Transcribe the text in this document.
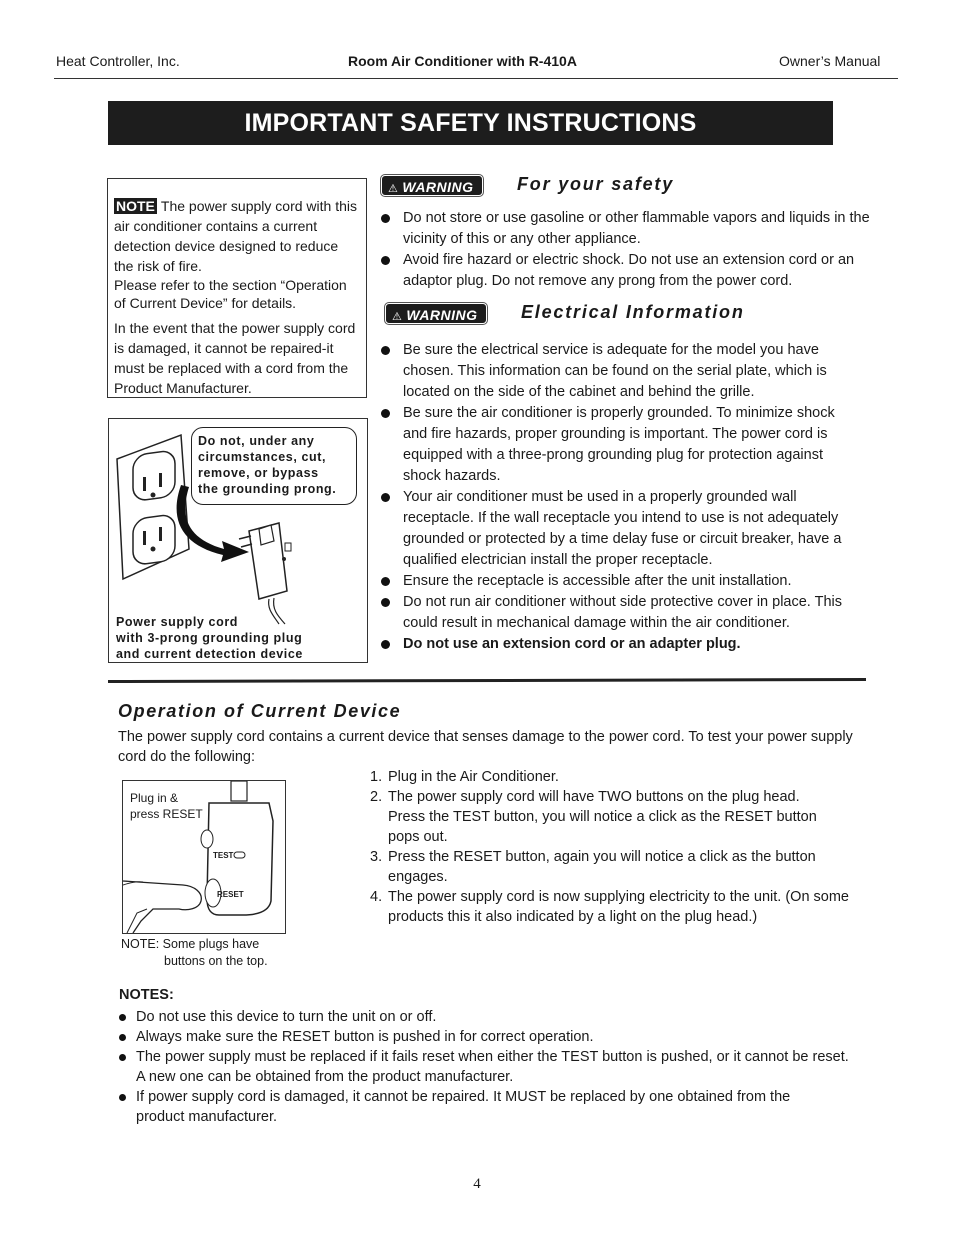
Heat Controller, Inc.	Room Air Conditioner with R-410A	Owner’s Manual
IMPORTANT SAFETY INSTRUCTIONS

NOTE The power supply cord with this air conditioner contains a current detection device designed to reduce the risk of fire.

Please refer to the section “Operation of Current Device” for details.

In the event that the power supply cord is damaged, it cannot be repaired-it must be replaced with a cord from the Product Manufacturer.

Do not, under any
circumstances, cut,
remove, or bypass
the grounding prong.
Power supply cord
with 3-prong grounding plug
and current detection device
⚠ WARNING	For your safety
Do not store or use gasoline or other flammable vapors and liquids in the vicinity of this or any other appliance.
Avoid fire hazard or electric shock. Do not use an extension cord or an adaptor plug. Do not remove any prong from the power cord.
⚠ WARNING	Electrical Information
Be sure the electrical service is adequate for the model you have chosen. This information can be found on the serial plate, which is located on the side of the cabinet and behind the grille.
Be sure the air conditioner is properly grounded. To minimize shock and fire hazards, proper grounding is important. The power cord is equipped with a three-prong grounding plug for protection against shock hazards.
Your air conditioner must be used in a properly grounded wall receptacle. If the wall receptacle you intend to use is not adequately grounded or protected by a time delay fuse or circuit breaker, have a qualified electrician install the proper receptacle.
Ensure the receptacle is accessible after the unit installation.
Do not run air conditioner without side protective cover in place. This could result in mechanical damage within the air conditioner.
Do not use an extension cord or an adapter plug.
Operation of Current Device
The power supply cord contains a current device that senses damage to the power cord. To test your power supply cord do the following:
Plug in &
press RESET
TEST
RESET
NOTE: Some plugs have
buttons on the top.
1. Plug in the Air Conditioner.
2. The power supply cord will have TWO buttons on the plug head. Press the TEST button, you will notice a click as the RESET button pops out.
3. Press the RESET button, again you will notice a click as the button engages.
4. The power supply cord is now supplying electricity to the unit. (On some products this it also indicated by a light on the plug head.)
NOTES:
Do not use this device to turn the unit on or off.
Always make sure the RESET button is pushed in for correct operation.
The power supply must be replaced if it fails reset when either the TEST button is pushed, or it cannot be reset. A new one can be obtained from the product manufacturer.
If power supply cord is damaged, it cannot be repaired. It MUST be replaced by one obtained from the product manufacturer.
4
